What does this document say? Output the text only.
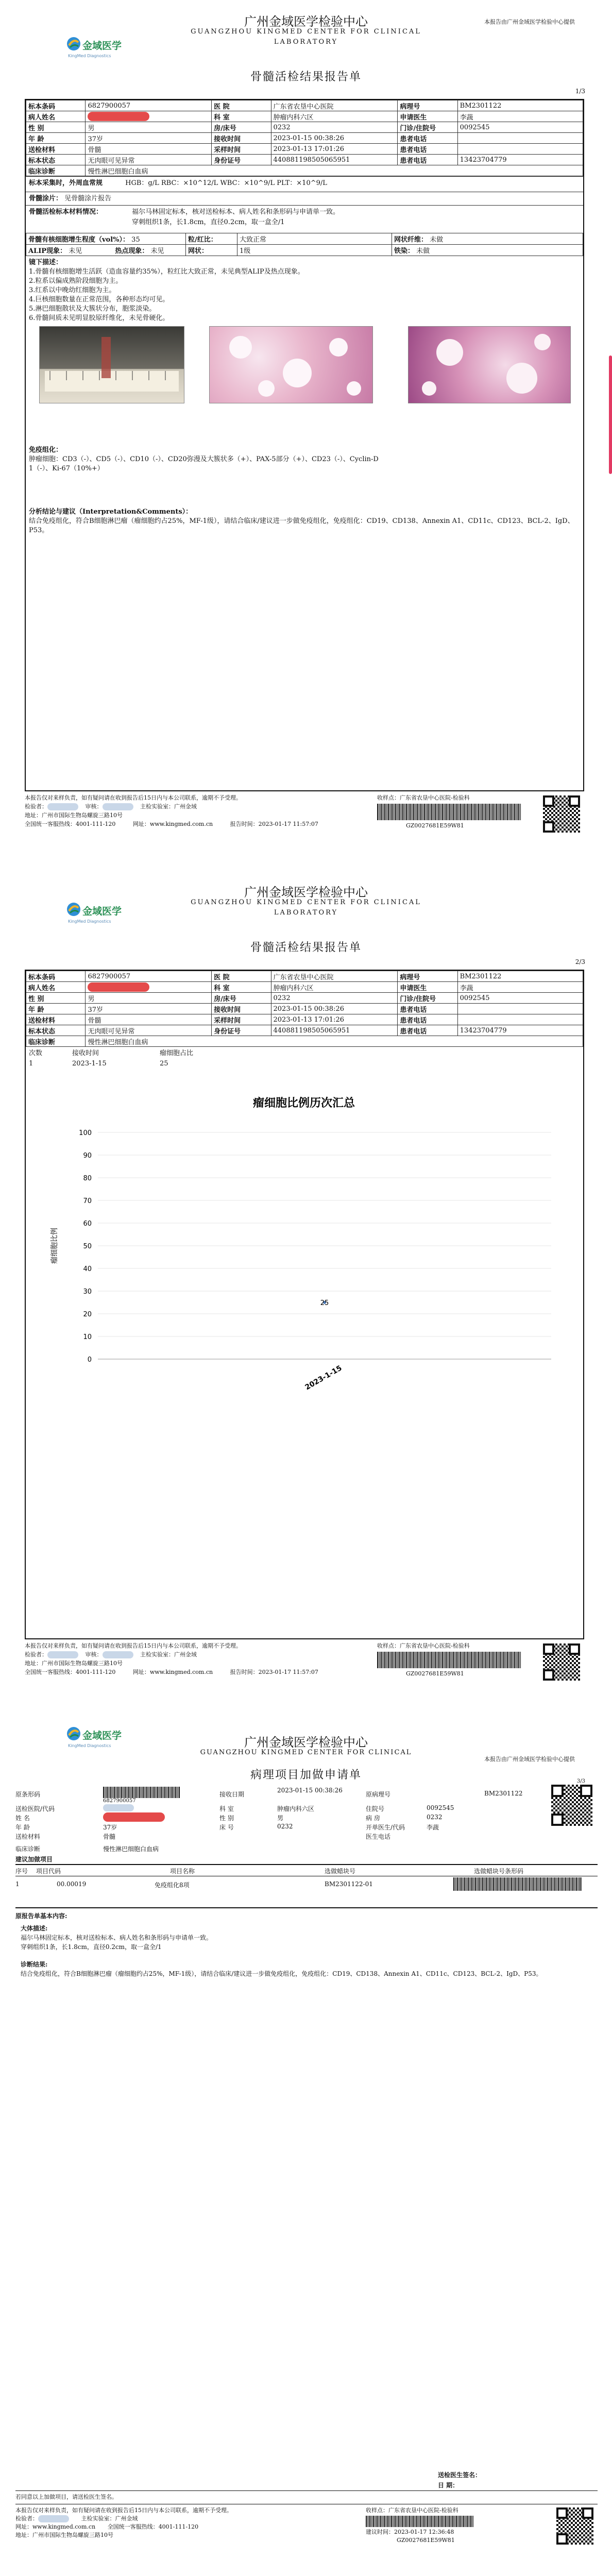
金域医学
KingMed Diagnostics
广州金域医学检验中心
GUANGZHOU KINGMED CENTER FOR CLINICAL
LABORATORY
本报告由广州金域医学检验中心提供
骨髓活检结果报告单
1/3
标本条码	6827900057	医 院	广东省农垦中心医院	病理号	BM2301122
病人姓名		科 室	肿瘤内科六区	申请医生	李蔬
性 别	男	房/床号	0232	门诊/住院号	0092545
年 龄	37岁	接收时间	2023-01-15 00:38:26	患者电话	
送检材料	骨髓	采样时间	2023-01-13 17:01:26	患者电话	
标本状态	无肉眼可见异常	身份证号	440881198505065951	患者电话	13423704779
临床诊断	慢性淋巴细胞白血病				
标本采集时，外周血常规	HGB：g/L RBC：×10^12/L WBC：×10^9/L PLT：×10^9/L
骨髓涂片： 见骨髓涂片报告
骨髓活检标本材料情况：	福尔马林固定标本，核对送检标本、病人姓名和条形码与申请单一致。
穿刺组织1条，长1.8cm，直径0.2cm，取一盒全/1
骨髓有核细胞增生程度（vol%）： 35	粒/红比：	大致正常	网状纤维： 未做
ALIP现象： 未见 热点现象： 未见	网状：	1级	铁染： 未做
镜下描述：
1.骨髓有核细胞增生活跃（造血容量约35%），粒红比大致正常，未见典型ALIP及热点现象。
2.粒系以偏成熟阶段细胞为主。
3.红系以中晚幼红细胞为主。
4.巨核细胞数量在正常范围，各种形态均可见。
5.淋巴细胞散状及大簇状分布，胞浆淡染。
6.骨髓间质未见明显胶原纤维化，未见骨硬化。
免疫组化：
肿瘤细胞：CD3（-）、CD5（-）、CD10（-）、CD20弥漫及大簇状多（+）、PAX-5部分（+）、CD23（-）、Cyclin-D
1（-）、Ki-67（10%+）
分析结论与建议（Interpretation&Comments）：
结合免疫组化，符合B细胞淋巴瘤（瘤细胞约占25%，MF-1级），请结合临床/建议进一步做免疫组化，免疫组化：CD19、CD138、Annexin A1、CD11c、CD123、BCL-2、IgD、P53。
本报告仅对来样负责，如有疑问请在收到报告后15日内与本公司联系，逾期不予受理。
检验者：	审核：	主检实验室：广州金域
地址：广州市国际生物岛螺旋三路10号
全国统一客服热线：4001-111-120	网址：www.kingmed.com.cn	报告时间：2023-01-17 11:57:07
收样点：广东省农垦中心医院-检验科
GZ0027681E59W81
广州金域医学检验中心
GUANGZHOU KINGMED CENTER FOR CLINICAL
LABORATORY
金域医学
KingMed Diagnostics
骨髓活检结果报告单
2/3
标本条码	6827900057	医 院	广东省农垦中心医院	病理号	BM2301122
病人姓名		科 室	肿瘤内科六区	申请医生	李蔬
性 别	男	房/床号	0232	门诊/住院号	0092545
年 龄	37岁	接收时间	2023-01-15 00:38:26	患者电话	
送检材料	骨髓	采样时间	2023-01-13 17:01:26	患者电话	
标本状态	无肉眼可见异常	身份证号	440881198505065951	患者电话	13423704779
临床诊断	慢性淋巴细胞白血病				
次数	接收时间	瘤细胞占比
1	2023-1-15	25
瘤细胞比例历次汇总
瘤细胞比例
0
10
20
30
40
50
60
70
80
90
100
2023-1-15
25
本报告仅对来样负责，如有疑问请在收到报告后15日内与本公司联系，逾期不予受理。
检验者：	审核：	主检实验室：广州金域
地址：广州市国际生物岛螺旋三路10号
全国统一客服热线：4001-111-120	网址：www.kingmed.com.cn	报告时间：2023-01-17 11:57:07
收样点：广东省农垦中心医院-检验科
GZ0027681E59W81
金域医学
KingMed Diagnostics	广州金域医学检验中心
GUANGZHOU KINGMED CENTER FOR CLINICAL
本报告由广州金域医学检验中心提供
病理项目加做申请单	3/3
原条形码
6827900057
接收日期
2023-01-15 00:38:26
原病理号	BM2301122
送检医院/代码	科 室	肿瘤内科六区	住院号	0092545
姓 名	性 别	男	病 房	0232
年 龄	37岁	床 号	0232	开单医生/代码	李蔬
送检材料	骨髓	医生电话
临床诊断	慢性淋巴细胞白血病
建议加做项目
序号 项目代码	项目名称	选做蜡块号	选做蜡块号条形码
1	00.00019	免疫组化8项	BM2301122-01
原报告单基本内容:
大体描述:
福尔马林固定标本，核对送检标本、病人姓名和条形码与申请单一致。
穿刺组织1条，长1.8cm，直径0.2cm，取一盒全/1
诊断结果:
结合免疫组化，符合B细胞淋巴瘤（瘤细胞约占25%，MF-1级），请结合临床/建议进一步做免疫组化，免疫组化：CD19、CD138、Annexin A1、CD11c、CD123、BCL-2、IgD、P53。
送检医生签名：
日 期：
若同意以上加做项目，请送检医生签名。
本报告仅对来样负责，如有疑问请在收到报告后15日内与本公司联系，逾期不予受理。
检验者：	主检实验室：广州金域
网址：www.kingmed.com.cn 全国统一客服热线：4001-111-120
地址：广州市国际生物岛螺旋三路10号
收样点：广东省农垦中心医院-检验科
建议时间：2023-01-17 12:36:48
GZ0027681E59W81
